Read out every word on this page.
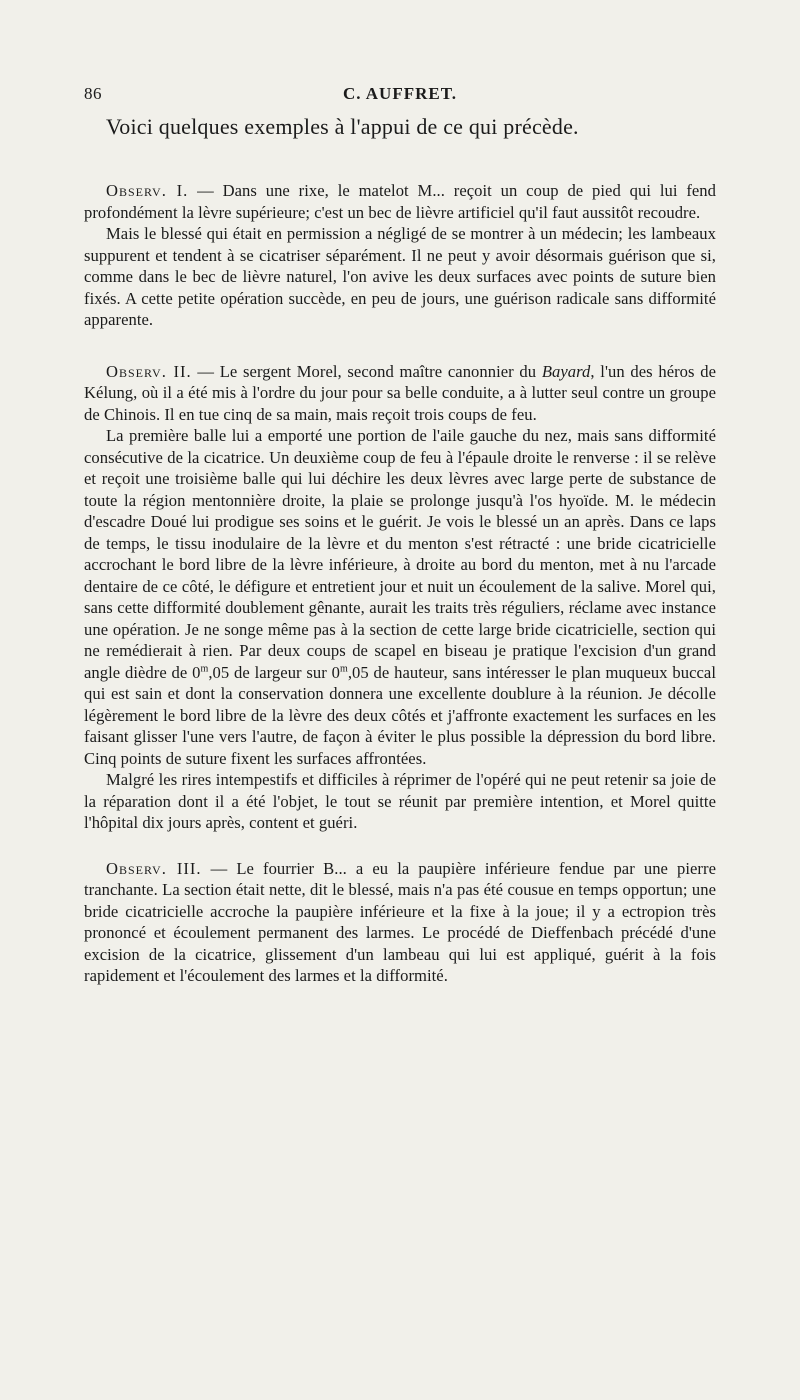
86	C. AUFFRET.
Voici quelques exemples à l'appui de ce qui précède.

Observ. I. — Dans une rixe, le matelot M... reçoit un coup de pied qui lui fend profondément la lèvre supérieure; c'est un bec de lièvre artificiel qu'il faut aussitôt recoudre.

Mais le blessé qui était en permission a négligé de se montrer à un médecin; les lambeaux suppurent et tendent à se cicatriser séparément. Il ne peut y avoir désormais guérison que si, comme dans le bec de lièvre naturel, l'on avive les deux surfaces avec points de suture bien fixés. A cette petite opération succède, en peu de jours, une guérison radicale sans difformité apparente.

Observ. II. — Le sergent Morel, second maître canonnier du Bayard, l'un des héros de Kélung, où il a été mis à l'ordre du jour pour sa belle conduite, a à lutter seul contre un groupe de Chinois. Il en tue cinq de sa main, mais reçoit trois coups de feu.

La première balle lui a emporté une portion de l'aile gauche du nez, mais sans difformité consécutive de la cicatrice. Un deuxième coup de feu à l'épaule droite le renverse : il se relève et reçoit une troisième balle qui lui déchire les deux lèvres avec large perte de substance de toute la région mentonnière droite, la plaie se prolonge jusqu'à l'os hyoïde. M. le médecin d'escadre Doué lui prodigue ses soins et le guérit. Je vois le blessé un an après. Dans ce laps de temps, le tissu inodulaire de la lèvre et du menton s'est rétracté : une bride cicatricielle accrochant le bord libre de la lèvre inférieure, à droite au bord du menton, met à nu l'arcade dentaire de ce côté, le défigure et entretient jour et nuit un écoulement de la salive. Morel qui, sans cette difformité doublement gênante, aurait les traits très réguliers, réclame avec instance une opération. Je ne songe même pas à la section de cette large bride cicatricielle, section qui ne remédierait à rien. Par deux coups de scapel en biseau je pratique l'excision d'un grand angle dièdre de 0$^m$,05 de largeur sur 0$^m$,05 de hauteur, sans intéresser le plan muqueux buccal qui est sain et dont la conservation donnera une excellente doublure à la réunion. Je décolle légèrement le bord libre de la lèvre des deux côtés et j'affronte exactement les surfaces en les faisant glisser l'une vers l'autre, de façon à éviter le plus possible la dépression du bord libre. Cinq points de suture fixent les surfaces affrontées.

Malgré les rires intempestifs et difficiles à réprimer de l'opéré qui ne peut retenir sa joie de la réparation dont il a été l'objet, le tout se réunit par première intention, et Morel quitte l'hôpital dix jours après, content et guéri.

Observ. III. — Le fourrier B... a eu la paupière inférieure fendue par une pierre tranchante. La section était nette, dit le blessé, mais n'a pas été cousue en temps opportun; une bride cicatricielle accroche la paupière inférieure et la fixe à la joue; il y a ectropion très prononcé et écoulement permanent des larmes. Le procédé de Dieffenbach précédé d'une excision de la cicatrice, glissement d'un lambeau qui lui est appliqué, guérit à la fois rapidement et l'écoulement des larmes et la difformité.
